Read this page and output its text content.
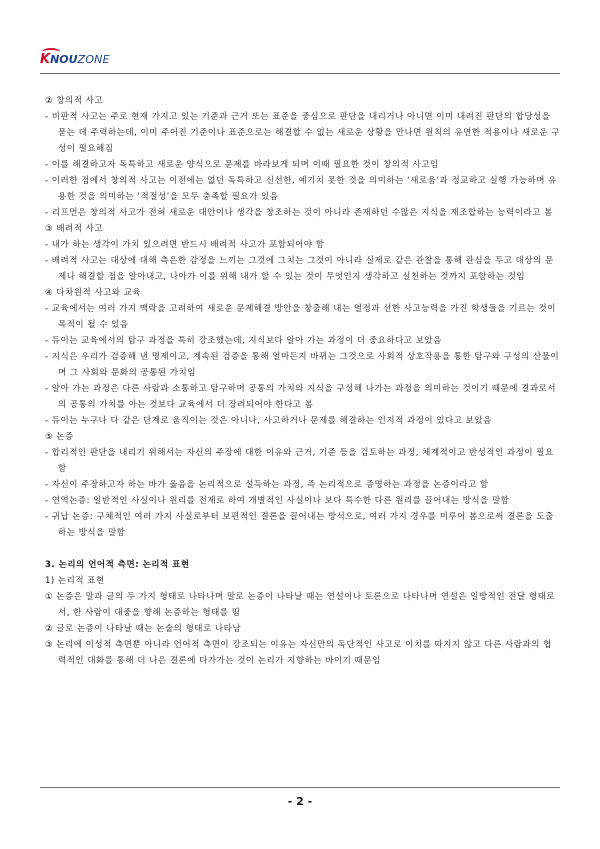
KNOUZONE

② 창의적 사고

- 비판적 사고는 주로 현재 가지고 있는 기준과 근거 또는 표준을 중심으로 판단을 내리거나 아니면 이미 내려진 판단의 합당성을 묻는 데 주력하는데, 이미 주어진 기준이나 표준으로는 해결할 수 없는 새로운 상황을 만나면 원칙의 유연한 적용이나 새로운 구성이 필요해짐

- 이를 해결하고자 독특하고 새로운 양식으로 문제를 바라보게 되며 이때 필요한 것이 창의적 사고임

- 이러한 점에서 창의적 사고는 이전에는 없던 독특하고 신선한, 예기치 못한 것을 의미하는 ‘새로움’과 정교하고 실행 가능하며 유용한 것을 의미하는 ‘적절성’을 모두 충족할 필요가 있음

- 리프먼은 창의적 사고가 전혀 새로운 대안이나 생각을 창조하는 것이 아니라 존재하던 수많은 지식을 재조합하는 능력이라고 봄

③ 배려적 사고

- 내가 하는 생각이 가치 있으려면 반드시 배려적 사고가 포함되어야 함

- 배려적 사고는 대상에 대해 측은한 감정을 느끼는 그것에 그치는 그것이 아니라 실제로 같은 관찰을 통해 관심을 두고 대상의 문제나 해결할 점을 알아내고, 나아가 이를 위해 내가 할 수 있는 것이 무엇인지 생각하고 실천하는 것까지 포함하는 것임

④ 다차원적 사고와 교육

- 교육에서는 여러 가지 맥락을 고려하여 새로운 문제해결 방안을 창출해 내는 열정과 선한 사고능력을 가진 학생들을 기르는 것이 목적이 될 수 있음

- 듀이는 교육에서의 탐구 과정을 특히 강조했는데, 지식보다 알아 가는 과정이 더 중요하다고 보았음

- 지식은 우리가 검증해 낸 명제이고, 계속된 검증을 통해 얼마든지 바뀌는 그것으로 사회적 상호작용을 통한 탐구와 구성의 산물이며 그 사회와 문화의 공통된 가치임

- 알아 가는 과정은 다른 사람과 소통하고 탐구하며 공통의 가치와 지식을 구성해 나가는 과정을 의미하는 것이기 때문에 결과로서의 공통의 가치를 아는 것보다 교육에서 더 장려되어야 한다고 봄

- 듀이는 누구나 다 같은 단계로 움직이는 것은 아니나, 사고하거나 문제를 해결하는 인지적 과정이 있다고 보았음

⑤ 논증

- 합리적인 판단을 내리기 위해서는 자신의 주장에 대한 이유와 근거, 기준 등을 검토하는 과정, 체계적이고 반성적인 과정이 필요함

- 자신이 주장하고자 하는 바가 옳음을 논리적으로 설득하는 과정, 즉 논리적으로 증명하는 과정을 논증이라고 함

- 연역논증: 일반적인 사실이나 원리를 전제로 하여 개별적인 사실이나 보다 특수한 다른 원리를 끌어내는 방식을 말함

- 귀납 논증: 구체적인 여러 가지 사실로부터 보편적인 결론을 끌어내는 방식으로, 여러 가지 경우를 미루어 봄으로써 결론을 도출하는 방식을 말함

3. 논리의 언어적 측면: 논리적 표현

1) 논리적 표현

① 논증은 말과 글의 두 가지 형태로 나타나며 말로 논증이 나타날 때는 연설이나 토론으로 나타나며 연설은 일방적인 전달 형태로서, 한 사람이 대중을 향해 논증하는 형태를 띰

② 글로 논증이 나타날 때는 논술의 형태로 나타남

③ 논리에 이성적 측면뿐 아니라 언어적 측면이 강조되는 이유는 자신만의 독단적인 사고로 이치를 따지지 않고 다른 사람과의 협력적인 대화를 통해 더 나은 결론에 다가가는 것이 논리가 지향하는 바이기 때문임

- 2 -
